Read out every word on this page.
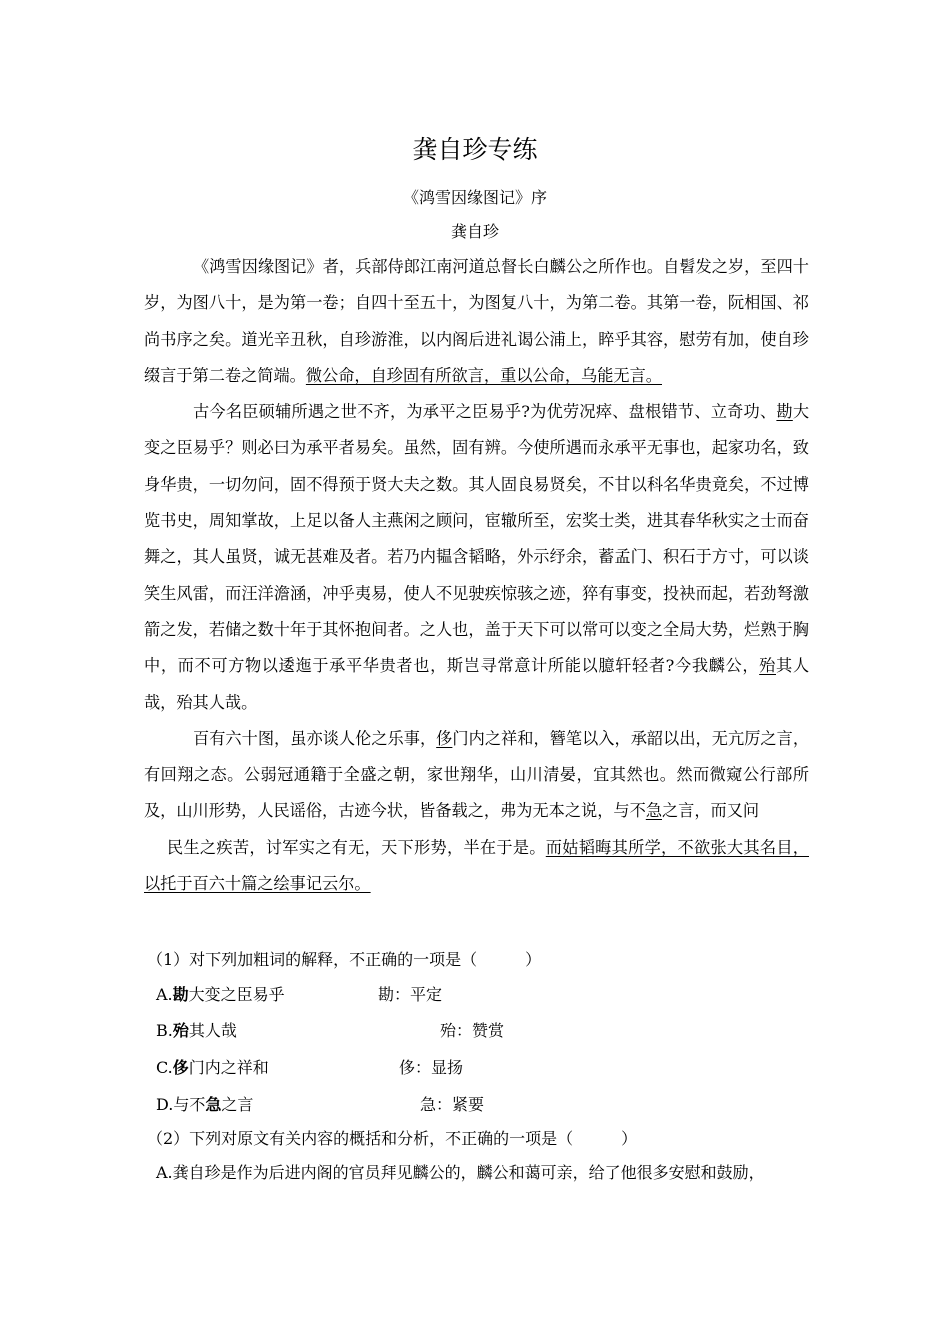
龚自珍专练
《鸿雪因缘图记》序
龚自珍

《鸿雪因缘图记》者，兵部侍郎江南河道总督长白麟公之所作也。自髫发之岁，至四十岁，为图八十，是为第一卷；自四十至五十，为图复八十，为第二卷。其第一卷，阮相国、祁尚书序之矣。道光辛丑秋，自珍游淮，以内阁后进礼谒公浦上，睟乎其容，慰劳有加，使自珍缀言于第二卷之简端。微公命，自珍固有所欲言，重以公命，乌能无言。

古今名臣硕辅所遇之世不齐，为承平之臣易乎?为优劳况瘁、盘根错节、立奇功、勘大变之臣易乎？则必曰为承平者易矣。虽然，固有辨。今使所遇而永承平无事也，起家功名，致身华贵，一切勿问，固不得预于贤大夫之数。其人固良易贤矣，不甘以科名华贵竟矣，不过博览书史，周知掌故，上足以备人主燕闲之顾问，宦辙所至，宏奖士类，进其春华秋实之士而奋舞之，其人虽贤，诚无甚难及者。若乃内韫含韬略，外示纾余，蓄孟门、积石于方寸，可以谈笑生风雷，而汪洋澹涵，冲乎夷易，使人不见驶疾惊骇之迹，猝有事变，投袂而起，若劲弩激箭之发，若储之数十年于其怀抱间者。之人也，盖于天下可以常可以变之全局大势，烂熟于胸中，而不可方物以逶迤于承平华贵者也，斯岂寻常意计所能以臆轩轻者?今我麟公，殆其人哉，殆其人哉。

百有六十图，虽亦谈人伦之乐事，侈门内之祥和，簪笔以入，承韶以出，无亢厉之言，有回翔之态。公弱冠通籍于全盛之朝，家世翔华，山川清晏，宜其然也。然而微窥公行部所及，山川形势，人民谣俗，古迹今状，皆备载之，弗为无本之说，与不急之言，而又问

民生之疾苦，讨军实之有无，天下形势，半在于是。而姑韬晦其所学，不欲张大其名目，以托于百六十篇之绘事记云尔。

（1）对下列加粗词的解释，不正确的一项是（　　　）
A.勘大变之臣易乎	勘：平定
B.殆其人哉	殆：赞赏
C.侈门内之祥和	侈：显扬
D.与不急之言	急：紧要
（2）下列对原文有关内容的概括和分析，不正确的一项是（　　　）
A.龚自珍是作为后进内阁的官员拜见麟公的，麟公和蔼可亲，给了他很多安慰和鼓励，
